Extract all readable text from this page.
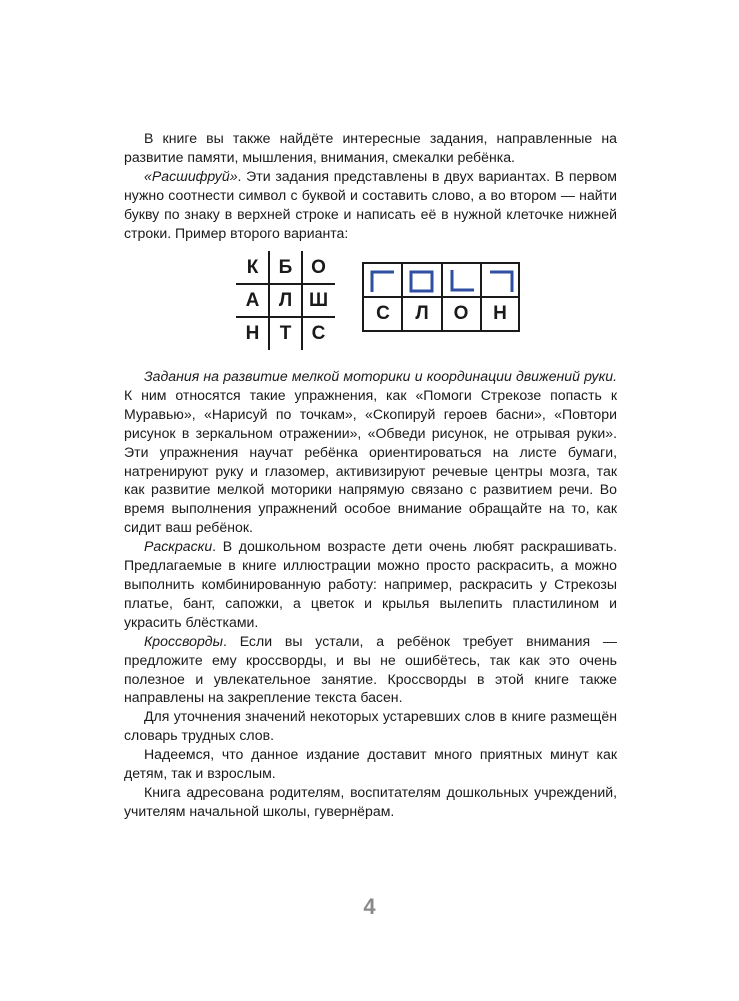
В книге вы также найдёте интересные задания, направленные на развитие памяти, мышления, внимания, смекалки ребёнка.

«Расшифруй». Эти задания представлены в двух вариантах. В первом нужно соотнести символ с буквой и составить слово, а во втором — найти букву по знаку в верхней строке и написать её в нужной клеточке нижней строки. Пример второго варианта:

К	Б О
А	Л Ш
Н	Т	С
С	Л	О	Н

Задания на развитие мелкой моторики и координации движений руки. К ним относятся такие упражнения, как «Помоги Стрекозе попасть к Муравью», «Нарисуй по точкам», «Скопируй героев басни», «Повтори рисунок в зеркальном отражении», «Обведи рисунок, не отрывая руки». Эти упражнения научат ребёнка ориентироваться на листе бумаги, натренируют руку и глазомер, активизируют речевые центры мозга, так как развитие мелкой моторики напрямую связано с развитием речи. Во время выполнения упражнений особое внимание обращайте на то, как сидит ваш ребёнок.

Раскраски. В дошкольном возрасте дети очень любят раскрашивать. Предлагаемые в книге иллюстрации можно просто раскрасить, а можно выполнить комбинированную работу: например, раскрасить у Стрекозы платье, бант, сапожки, а цветок и крылья вылепить пластилином и украсить блёстками.

Кроссворды. Если вы устали, а ребёнок требует внимания — предложите ему кроссворды, и вы не ошибётесь, так как это очень полезное и увлекательное занятие. Кроссворды в этой книге также направлены на закрепление текста басен.

Для уточнения значений некоторых устаревших слов в книге размещён словарь трудных слов.

Надеемся, что данное издание доставит много приятных минут как детям, так и взрослым.

Книга адресована родителям, воспитателям дошкольных учреждений, учителям начальной школы, гувернёрам.

4
